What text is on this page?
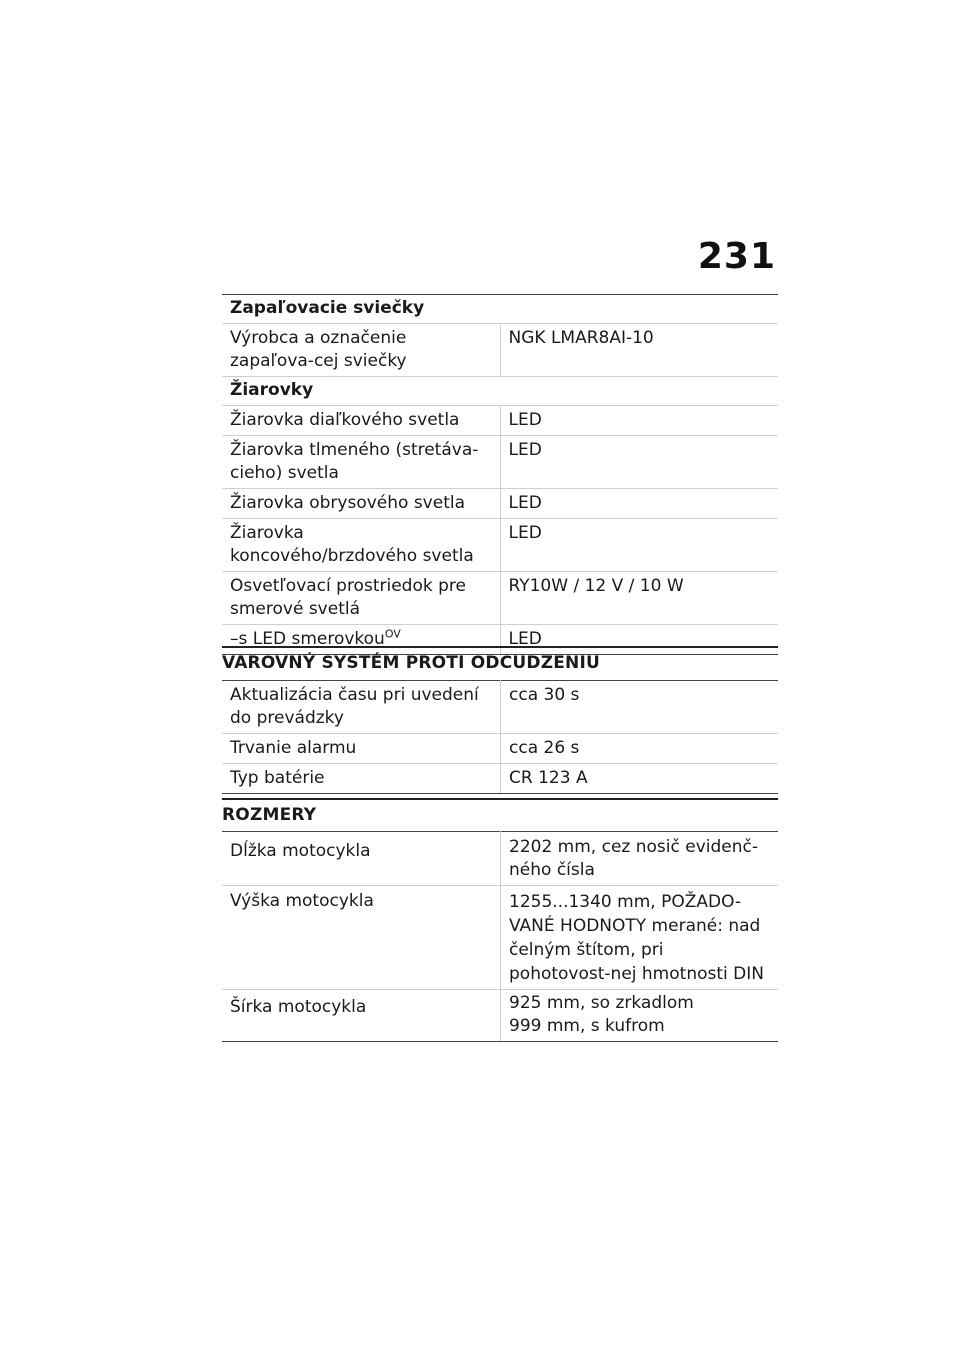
231
Zapaľovacie sviečky	
Výrobca a označenie zapaľova-cej sviečky	NGK LMAR8AI-10
Žiarovky	
Žiarovka diaľkového svetla	LED
Žiarovka tlmeného (stretáva-cieho) svetla	LED
Žiarovka obrysového svetla	LED
Žiarovka koncového/brzdového svetla	LED
Osvetľovací prostriedok pre smerové svetlá	RY10W / 12 V / 10 W
–s LED smerovkou$^{OV}$	LED
VAROVNÝ SYSTÉM PROTI ODCUDZENIU
Aktualizácia času pri uvedení do prevádzky	cca 30 s
Trvanie alarmu	cca 26 s
Typ batérie	CR 123 A
ROZMERY
Dĺžka motocykla	2202 mm, cez nosič evidenč-ného čísla
Výška motocykla	1255...1340 mm, POŽADO-VANÉ HODNOTY merané: nad čelným štítom, pri pohotovost-nej hmotnosti DIN
Šírka motocykla	925 mm, so zrkadlom
999 mm, s kufrom
